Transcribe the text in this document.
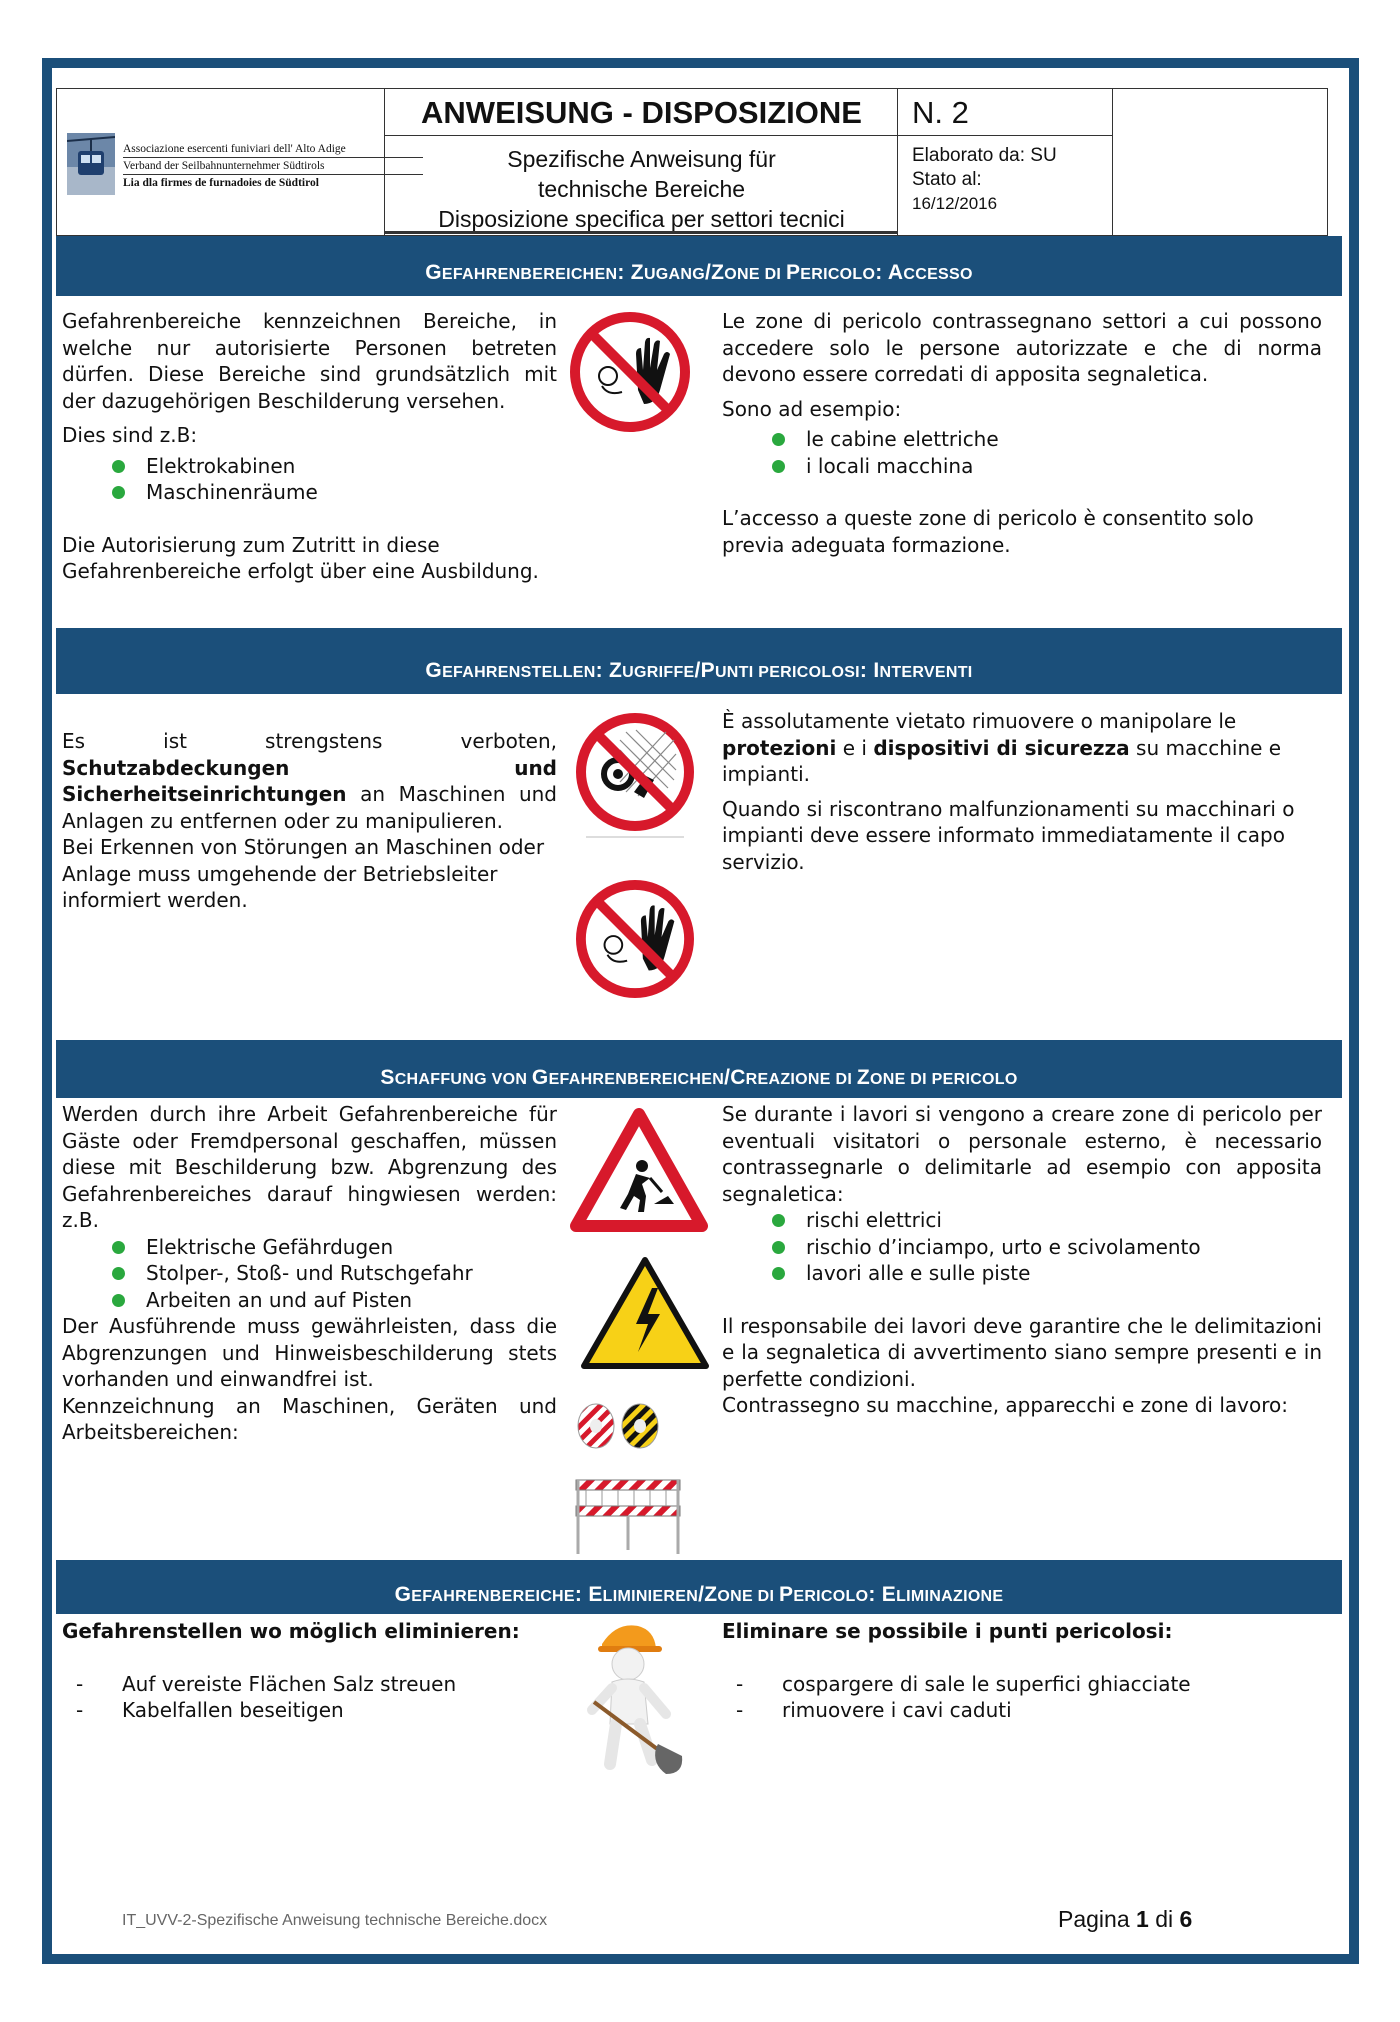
Associazione esercenti funiviari dell' Alto Adige
Verband der Seilbahnunternehmer Südtirols
Lia dla firmes de furnadoies de Südtirol
ANWEISUNG - DISPOSIZIONE
Spezifische Anweisung für
technische Bereiche
Disposizione specifica per settori tecnici
N. 2
Elaborato da: SU
Stato al:
16/12/2016
GEFAHRENBEREICHEN: ZUGANG/ZONE DI PERICOLO: ACCESSO

Gefahrenbereiche kennzeichnen Bereiche, in welche nur autorisierte Personen betreten dürfen. Diese Bereiche sind grundsätzlich mit der dazugehörigen Beschilderung versehen.

Dies sind z.B:

Elektrokabinen
Maschinenräume

Die Autorisierung zum Zutritt in diese Gefahrenbereiche erfolgt über eine Ausbildung.

Le zone di pericolo contrassegnano settori a cui possono accedere solo le persone autorizzate e che di norma devono essere corredati di apposita segnaletica.

Sono ad esempio:

le cabine elettriche
i locali macchina

L’accesso a queste zone di pericolo è consentito solo previa adeguata formazione.

GEFAHRENSTELLEN: ZUGRIFFE/PUNTI PERICOLOSI: INTERVENTI

Es ist strengstens verboten,

Schutzabdeckungen	und

Sicherheitseinrichtungen an Maschinen und Anlagen zu entfernen oder zu manipulieren.

Bei Erkennen von Störungen an Maschinen oder Anlage muss umgehende der Betriebsleiter informiert werden.

È assolutamente vietato rimuovere o manipolare le protezioni e i dispositivi di sicurezza su macchine e impianti.

Quando si riscontrano malfunzionamenti su macchinari o impianti deve essere informato immediatamente il capo servizio.

SCHAFFUNG VON GEFAHRENBEREICHEN/CREAZIONE DI ZONE DI PERICOLO

Werden durch ihre Arbeit Gefahrenbereiche für Gäste oder Fremdpersonal geschaffen, müssen diese mit Beschilderung bzw. Abgrenzung des Gefahrenbereiches darauf hingwiesen werden: z.B.

Elektrische Gefährdugen
Stolper-, Stoß- und Rutschgefahr
Arbeiten an und auf Pisten

Der Ausführende muss gewährleisten, dass die Abgrenzungen und Hinweisbeschilderung stets vorhanden und einwandfrei ist.

Kennzeichnung an Maschinen, Geräten und Arbeitsbereichen:

Se durante i lavori si vengono a creare zone di pericolo per eventuali visitatori o personale esterno, è necessario contrassegnarle o delimitarle ad esempio con apposita segnaletica:

rischi elettrici
rischio d’inciampo, urto e scivolamento
lavori alle e sulle piste

Il responsabile dei lavori deve garantire che le delimitazioni e la segnaletica di avvertimento siano sempre presenti e in perfette condizioni.

Contrassegno su macchine, apparecchi e zone di lavoro:

GEFAHRENBEREICHE: ELIMINIEREN/ZONE DI PERICOLO: ELIMINAZIONE

Gefahrenstellen wo möglich eliminieren:

- Auf vereiste Flächen Salz streuen
- Kabelfallen beseitigen

Eliminare se possibile i punti pericolosi:

- cospargere di sale le superfici ghiacciate
- rimuovere i cavi caduti
IT_UVV-2-Spezifische Anweisung technische Bereiche.docx	Pagina 1 di 6
